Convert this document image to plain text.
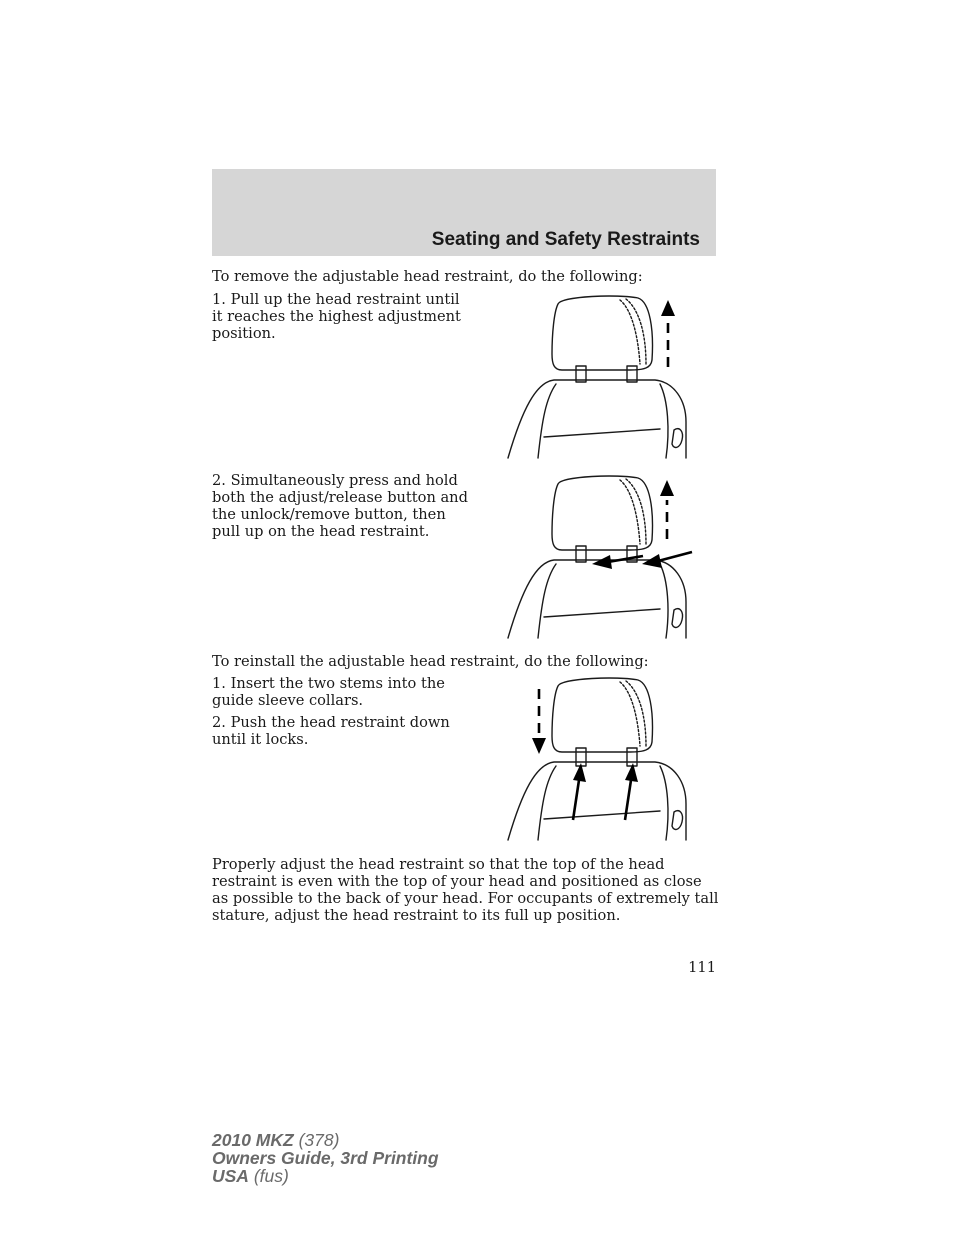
Seating and Safety Restraints
To remove the adjustable head restraint, do the following:
1. Pull up the head restraint until it reaches the highest adjustment position.
2. Simultaneously press and hold both the adjust/release button and the unlock/remove button, then pull up on the head restraint.
To reinstall the adjustable head restraint, do the following:
1. Insert the two stems into the guide sleeve collars.
2. Push the head restraint down until it locks.
Properly adjust the head restraint so that the top of the head restraint is even with the top of your head and positioned as close as possible to the back of your head. For occupants of extremely tall stature, adjust the head restraint to its full up position.
111
2010 MKZ (378)
Owners Guide, 3rd Printing
USA (fus)
